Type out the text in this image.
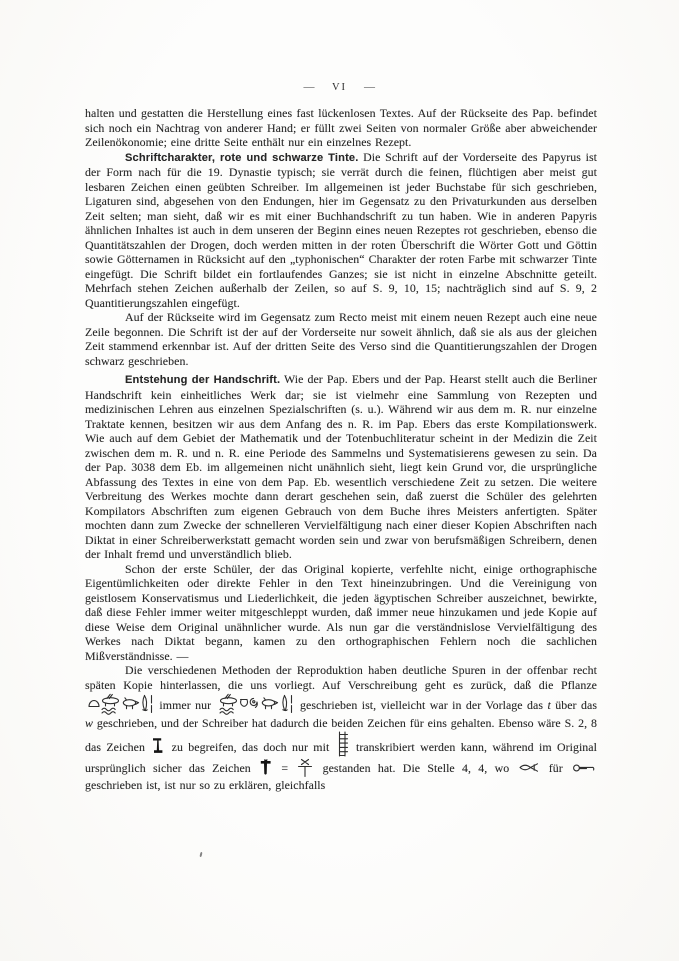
— VI —

halten und gestatten die Herstellung eines fast lückenlosen Textes. Auf der Rückseite des Pap. befindet sich noch ein Nachtrag von anderer Hand; er füllt zwei Seiten von normaler Größe aber abweichender Zeilenökonomie; eine dritte Seite enthält nur ein einzelnes Rezept.

Schriftcharakter, rote und schwarze Tinte. Die Schrift auf der Vorderseite des Papyrus ist der Form nach für die 19. Dynastie typisch; sie verrät durch die feinen, flüchtigen aber meist gut lesbaren Zeichen einen geübten Schreiber. Im allgemeinen ist jeder Buchstabe für sich geschrieben, Ligaturen sind, abgesehen von den Endungen, hier im Gegensatz zu den Privaturkunden aus derselben Zeit selten; man sieht, daß wir es mit einer Buchhandschrift zu tun haben. Wie in anderen Papyris ähnlichen Inhaltes ist auch in dem unseren der Beginn eines neuen Rezeptes rot geschrieben, ebenso die Quantitätszahlen der Drogen, doch werden mitten in der roten Überschrift die Wörter Gott und Göttin sowie Götternamen in Rücksicht auf den „typhonischen“ Charakter der roten Farbe mit schwarzer Tinte eingefügt. Die Schrift bildet ein fortlaufendes Ganzes; sie ist nicht in einzelne Abschnitte geteilt. Mehrfach stehen Zeichen außerhalb der Zeilen, so auf S. 9, 10, 15; nachträglich sind auf S. 9, 2 Quantitierungszahlen eingefügt.

Auf der Rückseite wird im Gegensatz zum Recto meist mit einem neuen Rezept auch eine neue Zeile begonnen. Die Schrift ist der auf der Vorderseite nur soweit ähnlich, daß sie als aus der gleichen Zeit stammend erkennbar ist. Auf der dritten Seite des Verso sind die Quantitierungszahlen der Drogen schwarz geschrieben.

Entstehung der Handschrift. Wie der Pap. Ebers und der Pap. Hearst stellt auch die Berliner Handschrift kein einheitliches Werk dar; sie ist vielmehr eine Sammlung von Rezepten und medizinischen Lehren aus einzelnen Spezialschriften (s. u.). Während wir aus dem m. R. nur einzelne Traktate kennen, besitzen wir aus dem Anfang des n. R. im Pap. Ebers das erste Kompilationswerk. Wie auch auf dem Gebiet der Mathematik und der Totenbuchliteratur scheint in der Medizin die Zeit zwischen dem m. R. und n. R. eine Periode des Sammelns und Systematisierens gewesen zu sein. Da der Pap. 3038 dem Eb. im allgemeinen nicht unähnlich sieht, liegt kein Grund vor, die ursprüngliche Abfassung des Textes in eine von dem Pap. Eb. wesentlich verschiedene Zeit zu setzen. Die weitere Verbreitung des Werkes mochte dann derart geschehen sein, daß zuerst die Schüler des gelehrten Kompilators Abschriften zum eigenen Gebrauch von dem Buche ihres Meisters anfertigten. Später mochten dann zum Zwecke der schnelleren Vervielfältigung nach einer dieser Kopien Abschriften nach Diktat in einer Schreiberwerkstatt gemacht worden sein und zwar von berufsmäßigen Schreibern, denen der Inhalt fremd und unverständlich blieb.

Schon der erste Schüler, der das Original kopierte, verfehlte nicht, einige orthographische Eigentümlichkeiten oder direkte Fehler in den Text hineinzubringen. Und die Vereinigung von geistlosem Konservatismus und Liederlichkeit, die jeden ägyptischen Schreiber auszeichnet, bewirkte, daß diese Fehler immer weiter mitgeschleppt wurden, daß immer neue hinzukamen und jede Kopie auf diese Weise dem Original unähnlicher wurde. Als nun gar die verständnislose Vervielfältigung des Werkes nach Diktat begann, kamen zu den orthographischen Fehlern noch die sachlichen Mißverständnisse. —

Die verschiedenen Methoden der Reproduktion haben deutliche Spuren in der offenbar recht späten Kopie hinterlassen, die uns vorliegt. Auf Verschreibung geht es zurück, daß die Pflanze
immer nur	geschrieben ist, vielleicht war in der Vorlage das t über das w geschrieben, und der Schreiber hat dadurch die beiden Zeichen für eins gehalten. Ebenso wäre S. 2, 8 das Zeichen
zu begreifen, das doch nur mit
transkribiert werden kann, während im Original ursprünglich sicher das Zeichen
=
gestanden hat. Die Stelle 4, 4, wo
für
geschrieben ist, ist nur so zu erklären, gleichfalls
